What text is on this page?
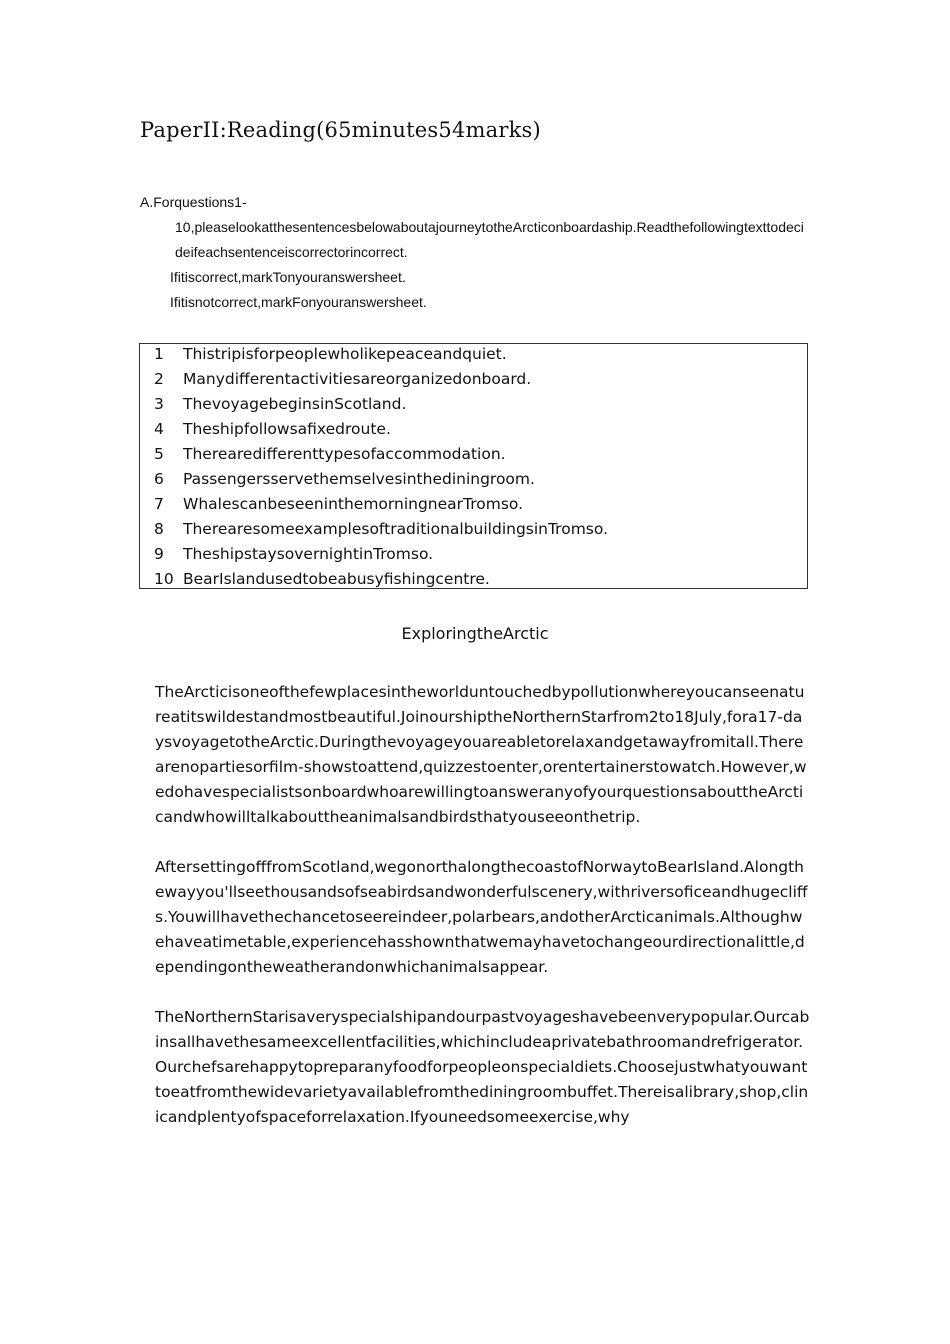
PaperII:Reading(65minutes54marks)
A.Forquestions1-
10,pleaselookatthesentencesbelowaboutajourneytotheArcticonboardaship.Readthefollowingtexttodecideifeachsentenceiscorrectorincorrect.
Ifitiscorrect,markTonyouranswersheet.
Ifitisnotcorrect,markFonyouranswersheet.
1	Thistripisforpeoplewholikepeaceandquiet.
2	Manydifferentactivitiesareorganizedonboard.
3	ThevoyagebeginsinScotland.
4	Theshipfollowsafixedroute.
5	Therearedifferenttypesofaccommodation.
6	Passengersservethemselvesinthediningroom.
7	WhalescanbeseeninthemorningnearTromso.
8	TherearesomeexamplesoftraditionalbuildingsinTromso.
9	TheshipstaysovernightinTromso.
10 BearIslandusedtobeabusyfishingcentre.
ExploringtheArctic

TheArcticisoneofthefewplacesintheworlduntouchedbypollutionwhereyoucanseenatureatitswildestandmostbeautiful.JoinourshiptheNorthernStarfrom2to18July,fora17-daysvoyagetotheArctic.Duringthevoyageyouareabletorelaxandgetawayfromitall.Therearenopartiesorfilm-showstoattend,quizzestoenter,orentertainerstowatch.However,wedohavespecialistsonboardwhoarewillingtoansweranyofyourquestionsabouttheArcticandwhowilltalkabouttheanimalsandbirdsthatyouseeonthetrip.

AftersettingofffromScotland,wegonorthalongthecoastofNorwaytoBearIsland.Alongthewayyou'llseethousandsofseabirdsandwonderfulscenery,withriversoficeandhugecliffs.Youwillhavethechancetoseereindeer,polarbears,andotherArcticanimals.Althoughwehaveatimetable,experiencehasshownthatwemayhavetochangeourdirectionalittle,dependingontheweatherandonwhichanimalsappear.

TheNorthernStarisaveryspecialshipandourpastvoyageshavebeenverypopular.Ourcabinsallhavethesameexcellentfacilities,whichincludeaprivatebathroomandrefrigerator.Ourchefsarehappytopreparanyfoodforpeopleonspecialdiets.Choosejustwhatyouwanttoeatfromthewidevarietyavailablefromthediningroombuffet.Thereisalibrary,shop,clinicandplentyofspaceforrelaxation.Ifyouneedsomeexercise,why
